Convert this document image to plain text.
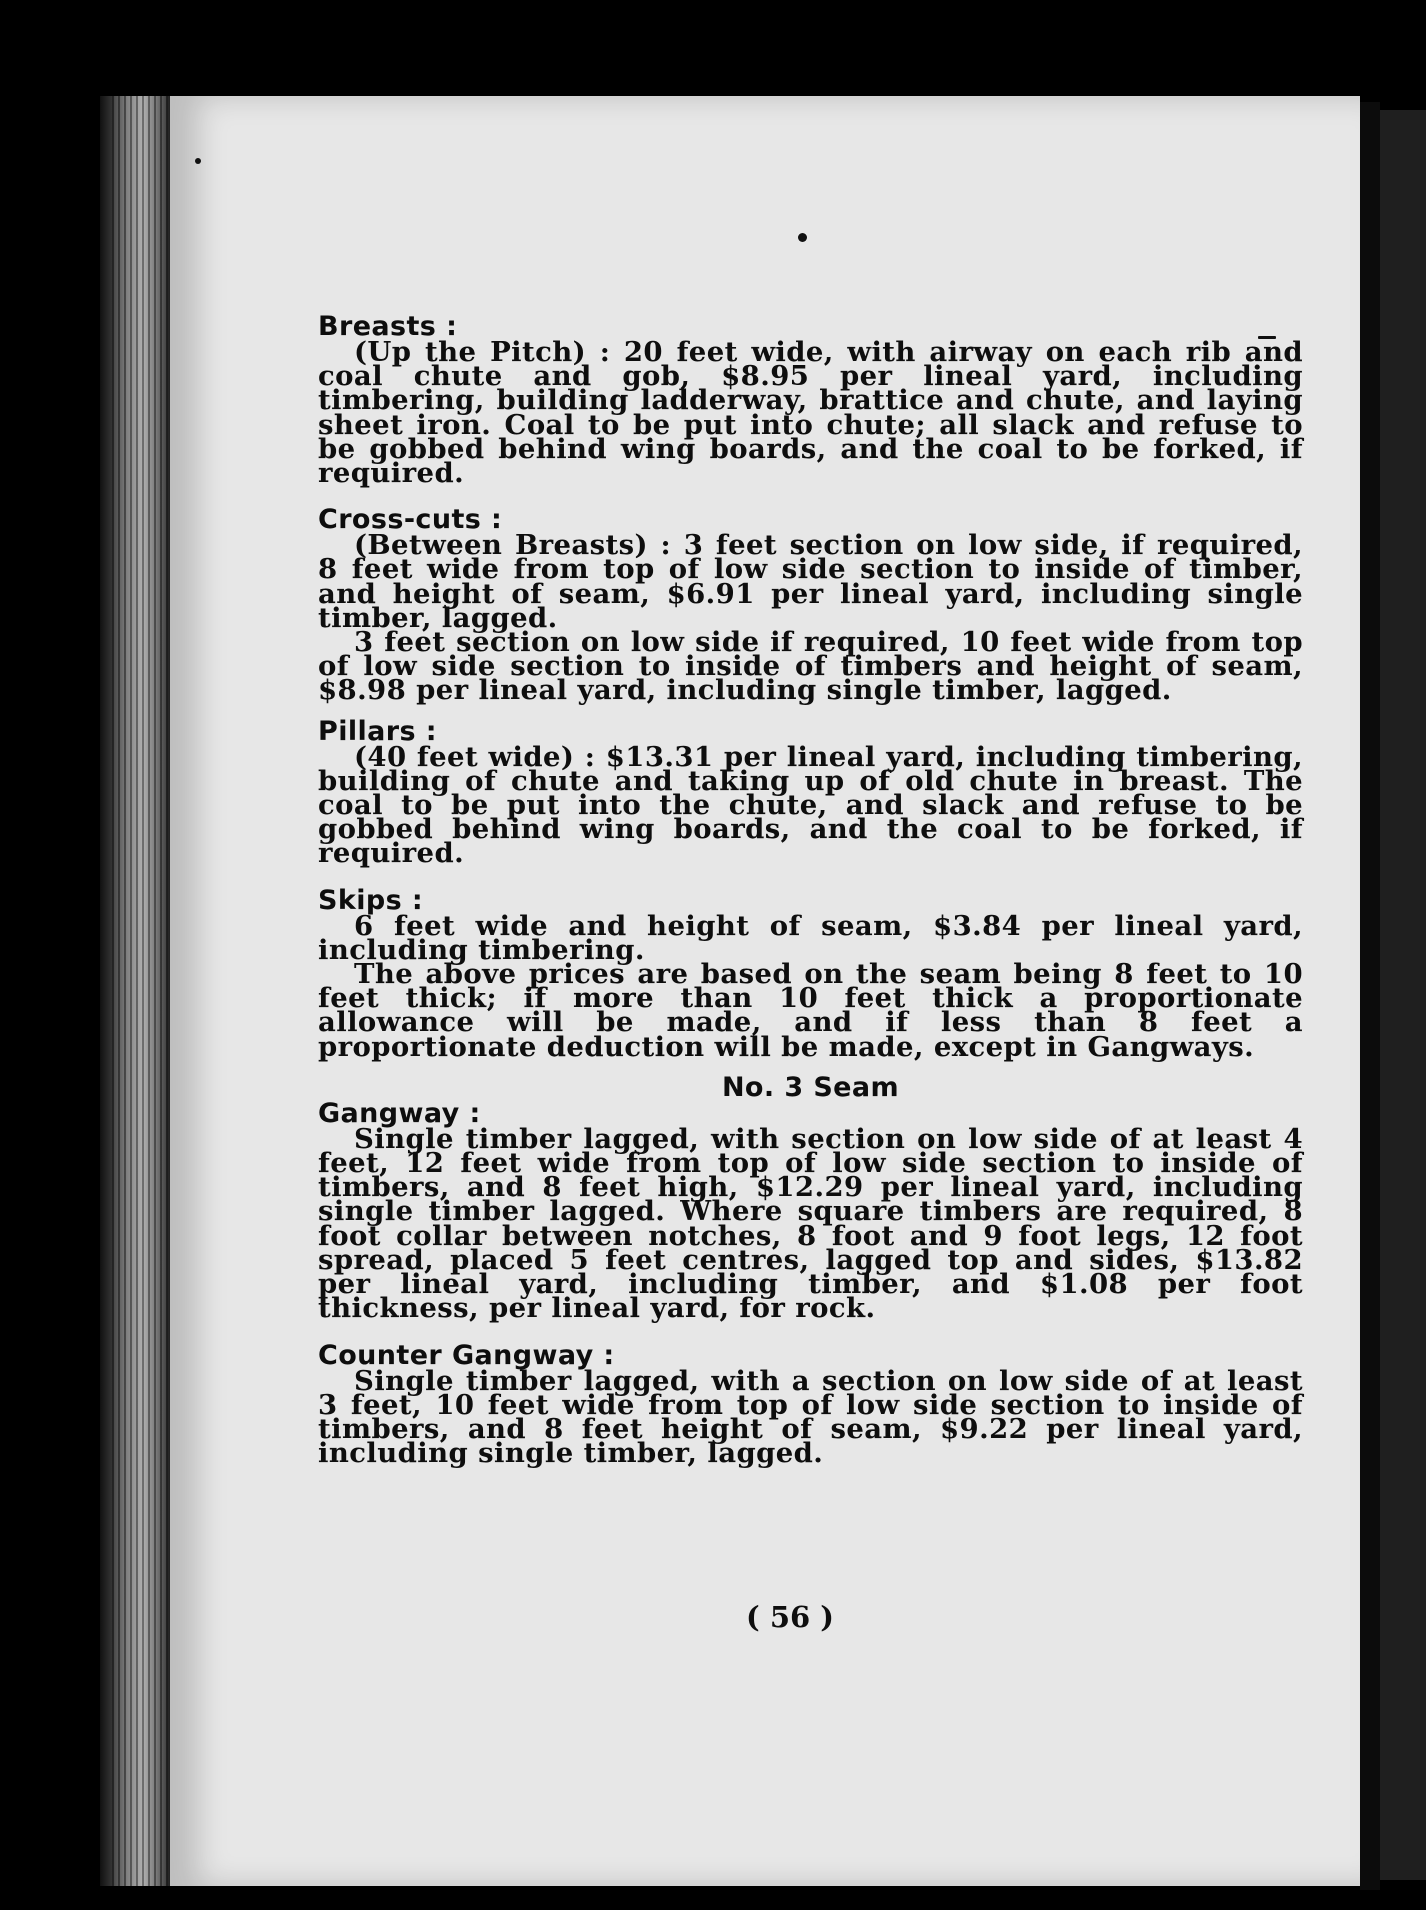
Breasts :

(Up the Pitch) : 20 feet wide, with airway on each rib and coal chute and gob, $8.95 per lineal yard, including timbering, building ladderway, brattice and chute, and laying sheet iron. Coal to be put into chute; all slack and refuse to be gobbed behind wing boards, and the coal to be forked, if required.

Cross-cuts :

(Between Breasts) : 3 feet section on low side, if required, 8 feet wide from top of low side section to inside of timber, and height of seam, $6.91 per lineal yard, including single timber, lagged.

3 feet section on low side if required, 10 feet wide from top of low side section to inside of timbers and height of seam, $8.98 per lineal yard, including single timber, lagged.

Pillars :

(40 feet wide) : $13.31 per lineal yard, including timbering, building of chute and taking up of old chute in breast. The coal to be put into the chute, and slack and refuse to be gobbed behind wing boards, and the coal to be forked, if required.

Skips :

6 feet wide and height of seam, $3.84 per lineal yard, including timbering.

The above prices are based on the seam being 8 feet to 10 feet thick; if more than 10 feet thick a proportionate allowance will be made, and if less than 8 feet a proportionate deduction will be made, except in Gangways.

No. 3 Seam

Gangway :

Single timber lagged, with section on low side of at least 4 feet, 12 feet wide from top of low side section to inside of timbers, and 8 feet high, $12.29 per lineal yard, including single timber lagged. Where square timbers are required, 8 foot collar between notches, 8 foot and 9 foot legs, 12 foot spread, placed 5 feet centres, lagged top and sides, $13.82 per lineal yard, including timber, and $1.08 per foot thickness, per lineal yard, for rock.

Counter Gangway :

Single timber lagged, with a section on low side of at least 3 feet, 10 feet wide from top of low side section to inside of timbers, and 8 feet height of seam, $9.22 per lineal yard, including single timber, lagged.

( 56 )
